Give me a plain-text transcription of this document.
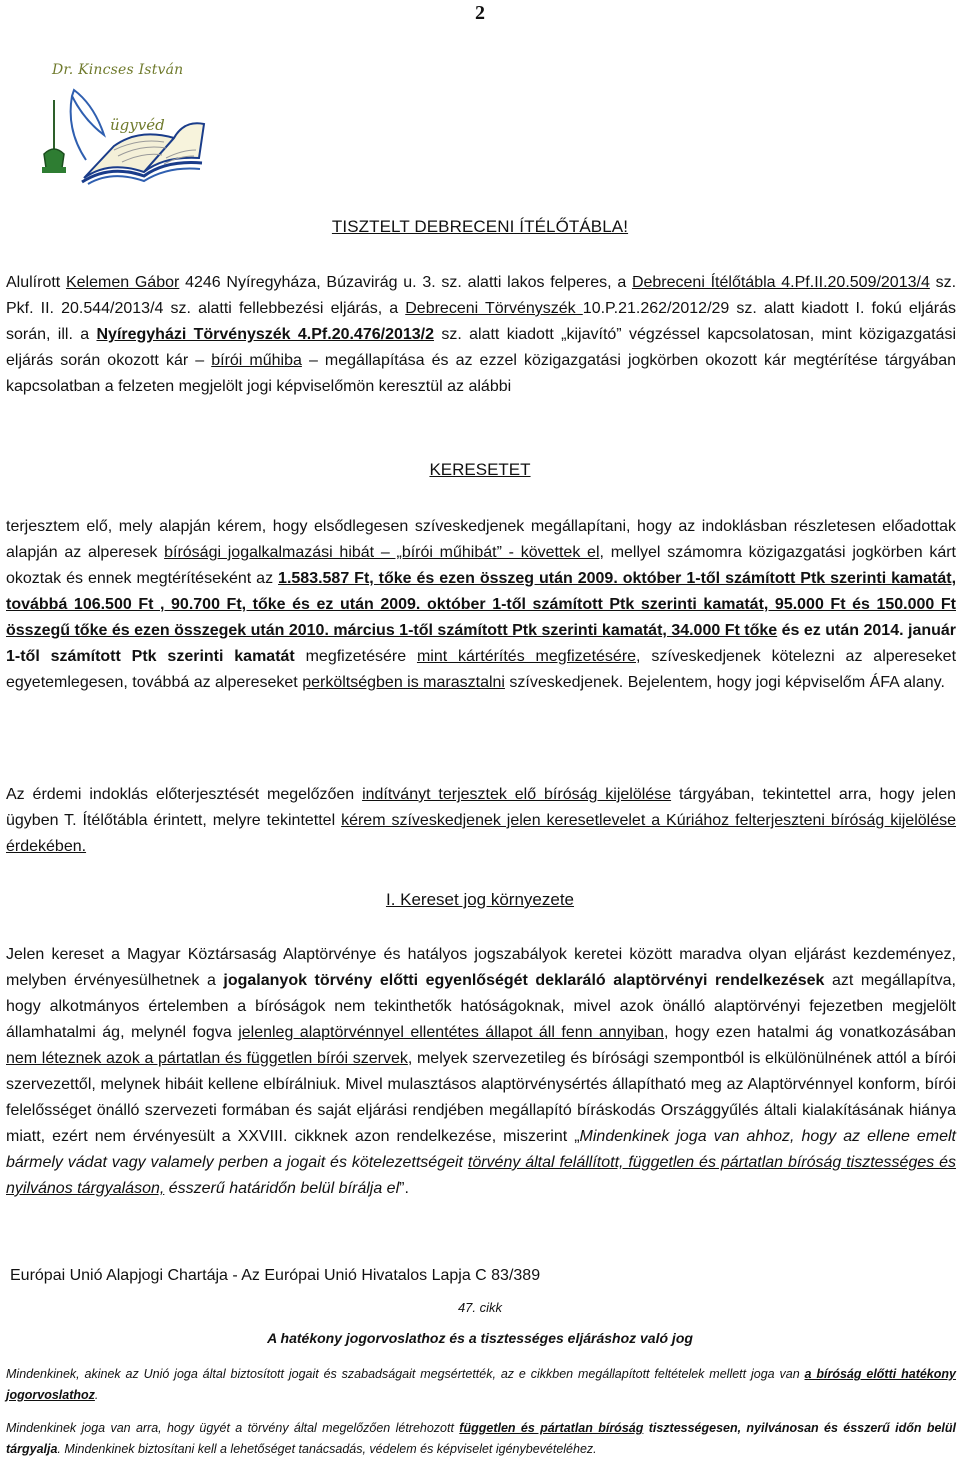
2
Dr. Kincses István
ügyvéd
TISZTELT DEBRECENI ÍTÉLŐTÁBLA!
Alulírott Kelemen Gábor 4246 Nyíregyháza, Búzavirág u. 3. sz. alatti lakos felperes, a Debreceni Ítélőtábla 4.Pf.II.20.509/2013/4 sz. Pkf. II. 20.544/2013/4 sz. alatti fellebbezési eljárás, a Debreceni Törvényszék 10.P.21.262/2012/29 sz. alatt kiadott I. fokú eljárás során, ill. a Nyíregyházi Törvényszék 4.Pf.20.476/2013/2 sz. alatt kiadott „kijavító” végzéssel kapcsolatosan, mint közigazgatási eljárás során okozott kár – bírói műhiba – megállapítása és az ezzel közigazgatási jogkörben okozott kár megtérítése tárgyában kapcsolatban a felzeten megjelölt jogi képviselőmön keresztül az alábbi
KERESETET
terjesztem elő, mely alapján kérem, hogy elsődlegesen szíveskedjenek megállapítani, hogy az indoklásban részletesen előadottak alapján az alperesek bírósági jogalkalmazási hibát – „bírói műhibát” - követtek el, mellyel számomra közigazgatási jogkörben kárt okoztak és ennek megtérítéseként az 1.583.587 Ft, tőke és ezen összeg után 2009. október 1-től számított Ptk szerinti kamatát, továbbá 106.500 Ft , 90.700 Ft, tőke és ez után 2009. október 1-től számított Ptk szerinti kamatát, 95.000 Ft és 150.000 Ft összegű tőke és ezen összegek után 2010. március 1-től számított Ptk szerinti kamatát, 34.000 Ft tőke és ez után 2014. január 1-től számított Ptk szerinti kamatát megfizetésére mint kártérítés megfizetésére, szíveskedjenek kötelezni az alpereseket egyetemlegesen, továbbá az alpereseket perköltségben is marasztalni szíveskedjenek. Bejelentem, hogy jogi képviselőm ÁFA alany.
Az érdemi indoklás előterjesztését megelőzően indítványt terjesztek elő bíróság kijelölése tárgyában, tekintettel arra, hogy jelen ügyben T. Ítélőtábla érintett, melyre tekintettel kérem szíveskedjenek jelen keresetlevelet a Kúriához felterjeszteni bíróság kijelölése érdekében.
I. Kereset jog környezete
Jelen kereset a Magyar Köztársaság Alaptörvénye és hatályos jogszabályok keretei között maradva olyan eljárást kezdeményez, melyben érvényesülhetnek a jogalanyok törvény előtti egyenlőségét deklaráló alaptörvényi rendelkezések azt megállapítva, hogy alkotmányos értelemben a bíróságok nem tekinthetők hatóságoknak, mivel azok önálló alaptörvényi fejezetben megjelölt államhatalmi ág, melynél fogva jelenleg alaptörvénnyel ellentétes állapot áll fenn annyiban, hogy ezen hatalmi ág vonatkozásában nem léteznek azok a pártatlan és független bírói szervek, melyek szervezetileg és bírósági szempontból is elkülönülnének attól a bírói szervezettől, melynek hibáit kellene elbírálniuk. Mivel mulasztásos alaptörvénysértés állapítható meg az Alaptörvénnyel konform, bírói felelősséget önálló szervezeti formában és saját eljárási rendjében megállapító bíráskodás Országgyűlés általi kialakításának hiánya miatt, ezért nem érvényesült a XXVIII. cikknek azon rendelkezése, miszerint „Mindenkinek joga van ahhoz, hogy az ellene emelt bármely vádat vagy valamely perben a jogait és kötelezettségeit törvény által felállított, független és pártatlan bíróság tisztességes és nyilvános tárgyaláson, ésszerű határidőn belül bírálja el”.
Európai Unió Alapjogi Chartája - Az Európai Unió Hivatalos Lapja C 83/389
47. cikk
A hatékony jogorvoslathoz és a tisztességes eljáráshoz való jog
Mindenkinek, akinek az Unió joga által biztosított jogait és szabadságait megsértették, az e cikkben megállapított feltételek mellett joga van a bíróság előtti hatékony jogorvoslathoz.
Mindenkinek joga van arra, hogy ügyét a törvény által megelőzően létrehozott független és pártatlan bíróság tisztességesen, nyilvánosan és ésszerű időn belül tárgyalja. Mindenkinek biztosítani kell a lehetőséget tanácsadás, védelem és képviselet igénybevételéhez.
